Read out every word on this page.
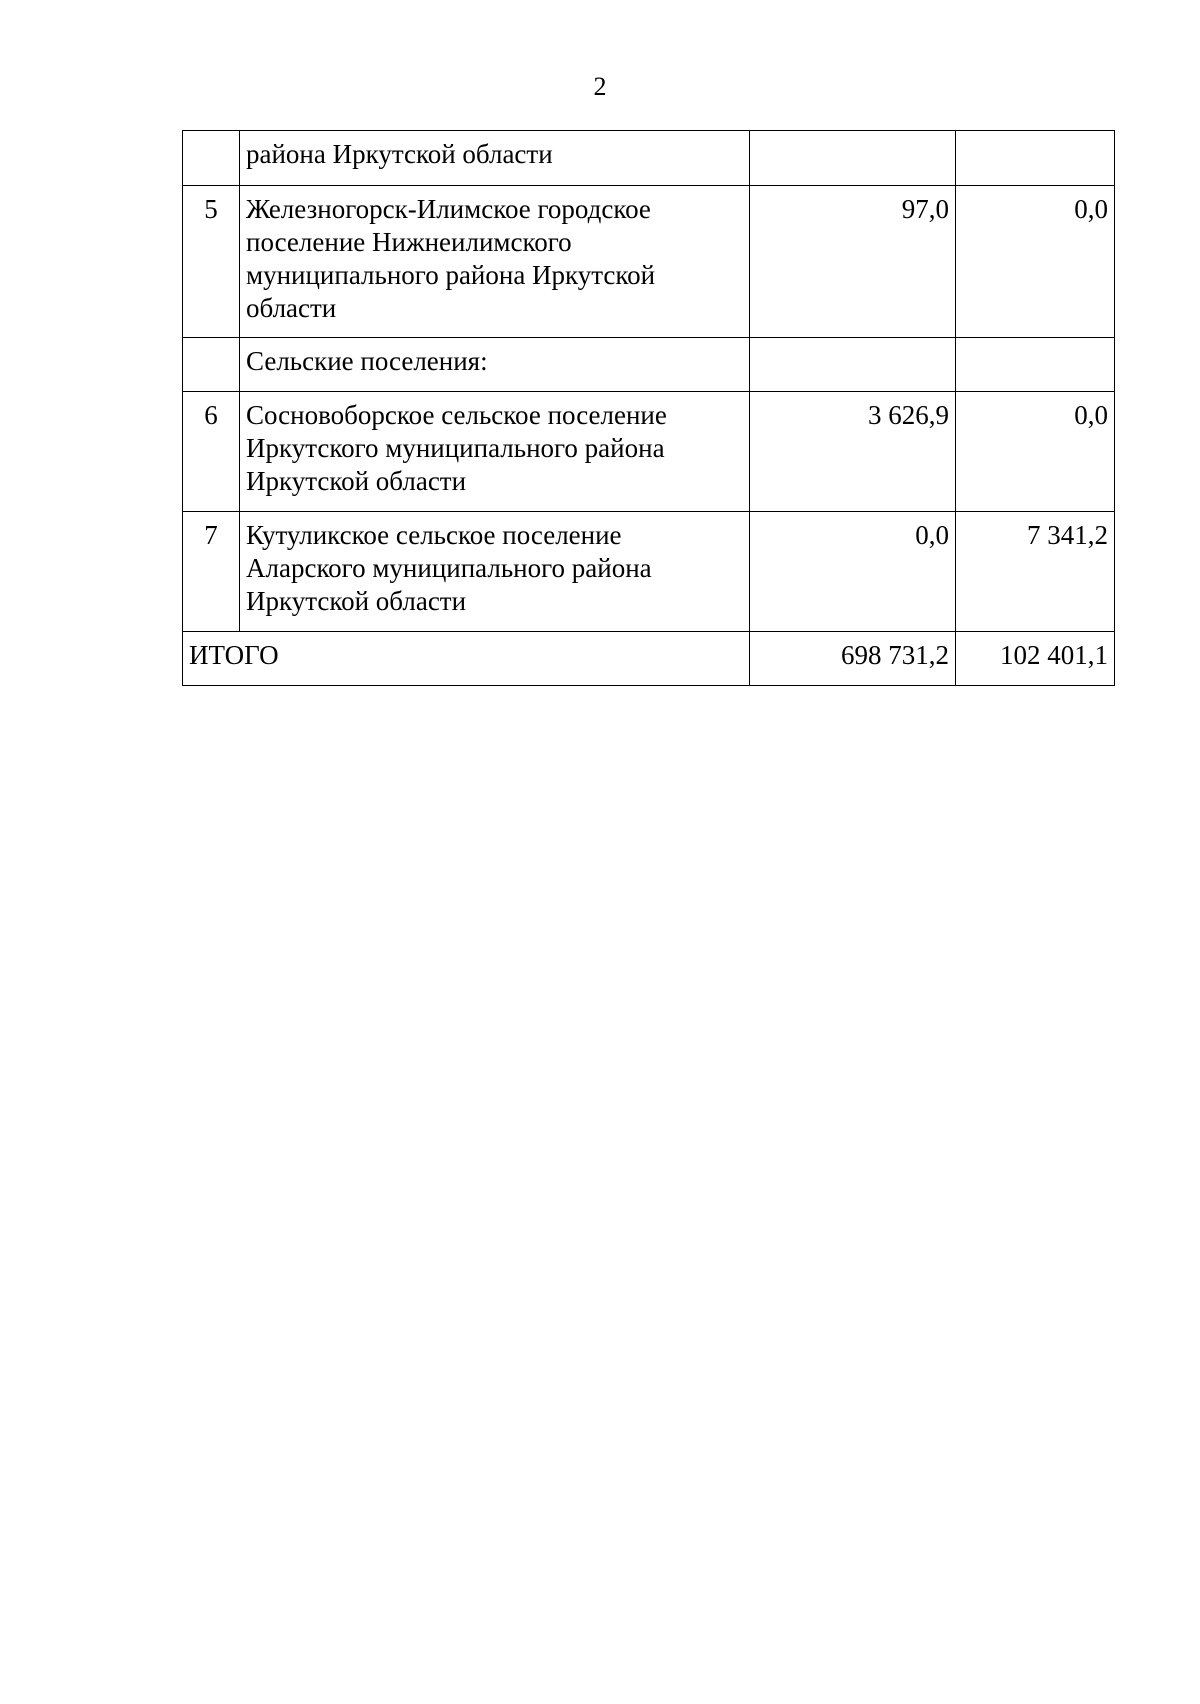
2
	района Иркутской области		
5	Железногорск-Илимское городское поселение Нижнеилимского муниципального района Иркутской области	97,0	0,0
	Сельские поселения:		
6	Сосновоборское сельское поселение Иркутского муниципального района Иркутской области	3 626,9	0,0
7	Кутуликское сельское поселение Аларского муниципального района Иркутской области	0,0	7 341,2
ИТОГО		698 731,2	102 401,1
